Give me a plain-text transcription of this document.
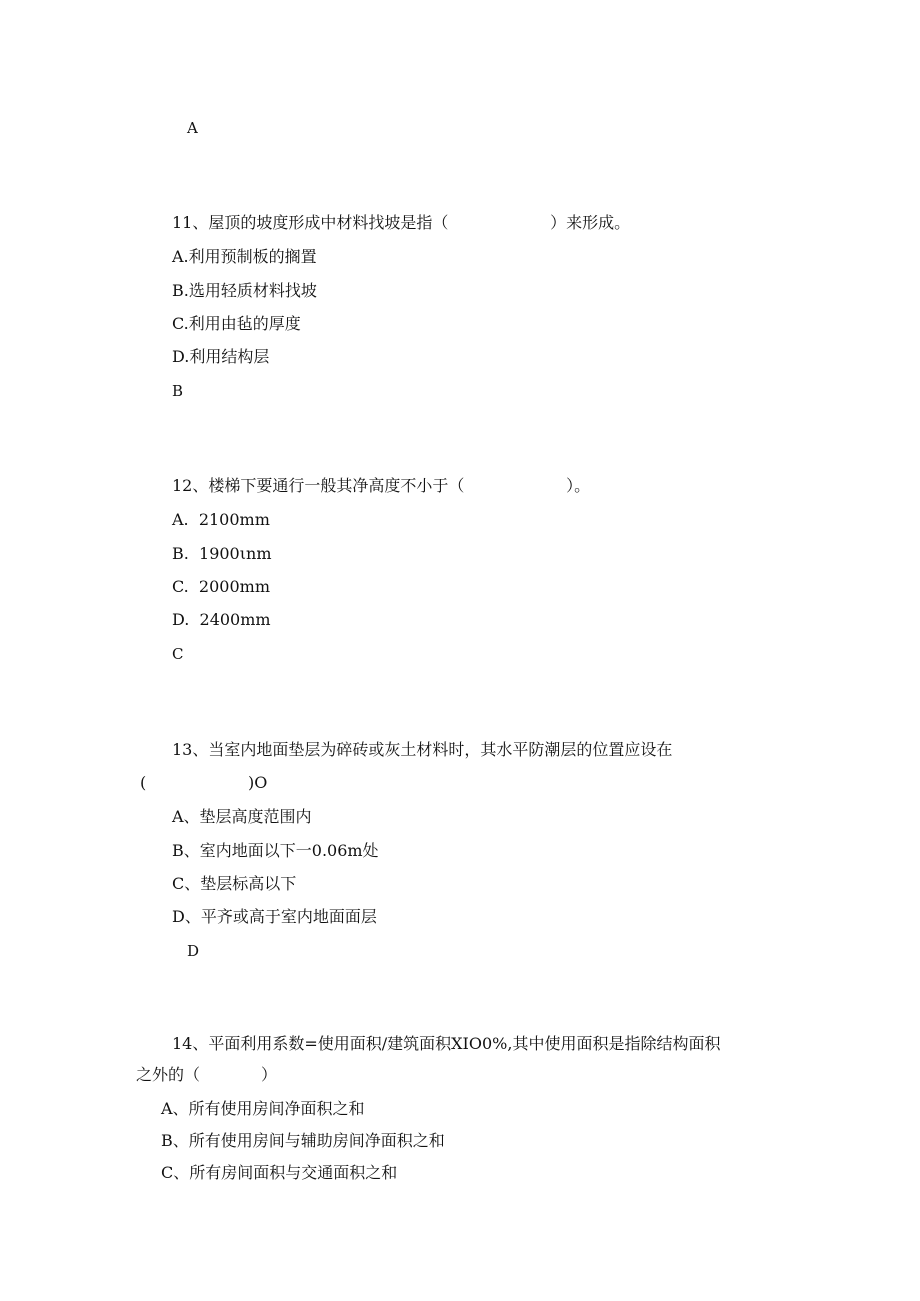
A
11、屋顶的坡度形成中材料找坡是指（                    ）来形成。
A.利用预制板的搁置
B.选用轻质材料找坡
C.利用由毡的厚度
D.利用结构层
B
12、楼梯下要通行一般其净高度不小于（                    ）。
A.  2100mm
B.  1900ιnm
C.  2000mm
D.  2400mm
C
13、当室内地面垫层为碎砖或灰土材料时，其水平防潮层的位置应设在
(                    )O
A、垫层高度范围内
B、室内地面以下一0.06m处
C、垫层标高以下
D、平齐或高于室内地面面层
D
14、平面利用系数=使用面积/建筑面积XIO0%,其中使用面积是指除结构面积
之外的（            ）
A、所有使用房间净面积之和
B、所有使用房间与辅助房间净面积之和
C、所有房间面积与交通面积之和
